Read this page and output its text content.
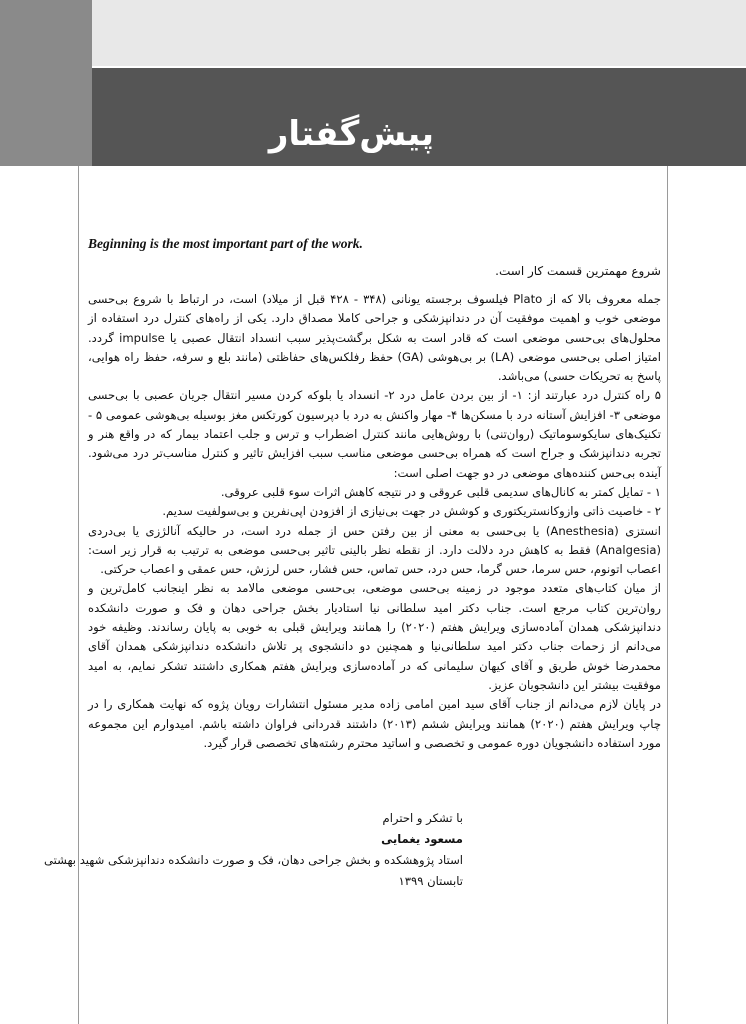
پیش‌گفتار
Beginning is the most important part of the work.
شروع مهمترین قسمت کار است.

جمله معروف بالا که از Plato فیلسوف برجسته یونانی (۳۴۸ - ۴۲۸ قبل از میلاد) است، در ارتباط با شروع بی‌حسی موضعی خوب و اهمیت موفقیت آن در دندانپزشکی و جراحی کاملا مصداق دارد. یکی از راه‌های کنترل درد استفاده از محلول‌های بی‌حسی موضعی است که قادر است به شکل برگشت‌پذیر سبب انسداد انتقال عصبی یا impulse گردد. امتیاز اصلی بی‌حسی موضعی (LA) بر بی‌هوشی (GA) حفظ رفلکس‌های حفاظتی (مانند بلع و سرفه، حفظ راه هوایی، پاسخ به تحریکات حسی) می‌باشد.

۵ راه کنترل درد عبارتند از: ۱- از بین بردن عامل درد ۲- انسداد یا بلوکه کردن مسیر انتقال جریان عصبی با بی‌حسی موضعی ۳- افزایش آستانه درد با مسکن‌ها ۴- مهار واکنش به درد با دپرسیون کورتکس مغز بوسیله بی‌هوشی عمومی ۵ - تکنیک‌های سایکوسوماتیک (روان‌تنی) با روش‌هایی مانند کنترل اضطراب و ترس و جلب اعتماد بیمار که در واقع هنر و تجربه دندانپزشک و جراح است که همراه بی‌حسی موضعی مناسب سبب افزایش تاثیر و کنترل مناسب‌تر درد می‌شود. آینده بی‌حس کننده‌های موضعی در دو جهت اصلی است:

۱ - تمایل کمتر به کانال‌های سدیمی قلبی عروقی و در نتیجه کاهش اثرات سوء قلبی عروقی.

۲ - خاصیت ذاتی وازوکانستریکتوری و کوشش در جهت بی‌نیازی از افزودن اپی‌نفرین و بی‌سولفیت سدیم.

انستزی (Anesthesia) یا بی‌حسی به معنی از بین رفتن حس از جمله درد است، در حالیکه آنالژزی یا بی‌دردی (Analgesia) فقط به کاهش درد دلالت دارد. از نقطه نظر بالینی تاثیر بی‌حسی موضعی به ترتیب به قرار زیر است: اعصاب اتونوم، حس سرما، حس گرما، حس درد، حس تماس، حس فشار، حس لرزش، حس عمقی و اعصاب حرکتی.

از میان کتاب‌های متعدد موجود در زمینه بی‌حسی موضعی، بی‌حسی موضعی مالامد به نظر اینجانب کامل‌ترین و روان‌ترین کتاب مرجع است. جناب دکتر امید سلطانی نیا استادیار بخش جراحی دهان و فک و صورت دانشکده دندانپزشکی همدان آماده‌سازی ویرایش هفتم (۲۰۲۰) را همانند ویرایش قبلی به خوبی به پایان رساندند. وظیفه خود می‌دانم از زحمات جناب دکتر امید سلطانی‌نیا و همچنین دو دانشجوی پر تلاش دانشکده دندانپزشکی همدان آقای محمدرضا خوش طریق و آقای کیهان سلیمانی که در آماده‌سازی ویرایش هفتم همکاری داشتند تشکر نمایم، به امید موفقیت بیشتر این دانشجویان عزیز.

در پایان لازم می‌دانم از جناب آقای سید امین امامی زاده مدیر مسئول انتشارات رویان پژوه که نهایت همکاری را در چاپ ویرایش هفتم (۲۰۲۰) همانند ویرایش ششم (۲۰۱۳) داشتند قدردانی فراوان داشته باشم. امیدوارم این مجموعه مورد استفاده دانشجویان دوره عمومی و تخصصی و اساتید محترم رشته‌های تخصصی قرار گیرد.

با تشکر و احترام
مسعود یغمایی
استاد پژوهشکده و بخش جراحی دهان، فک و صورت دانشکده دندانپزشکی شهید بهشتی
تابستان ۱۳۹۹
